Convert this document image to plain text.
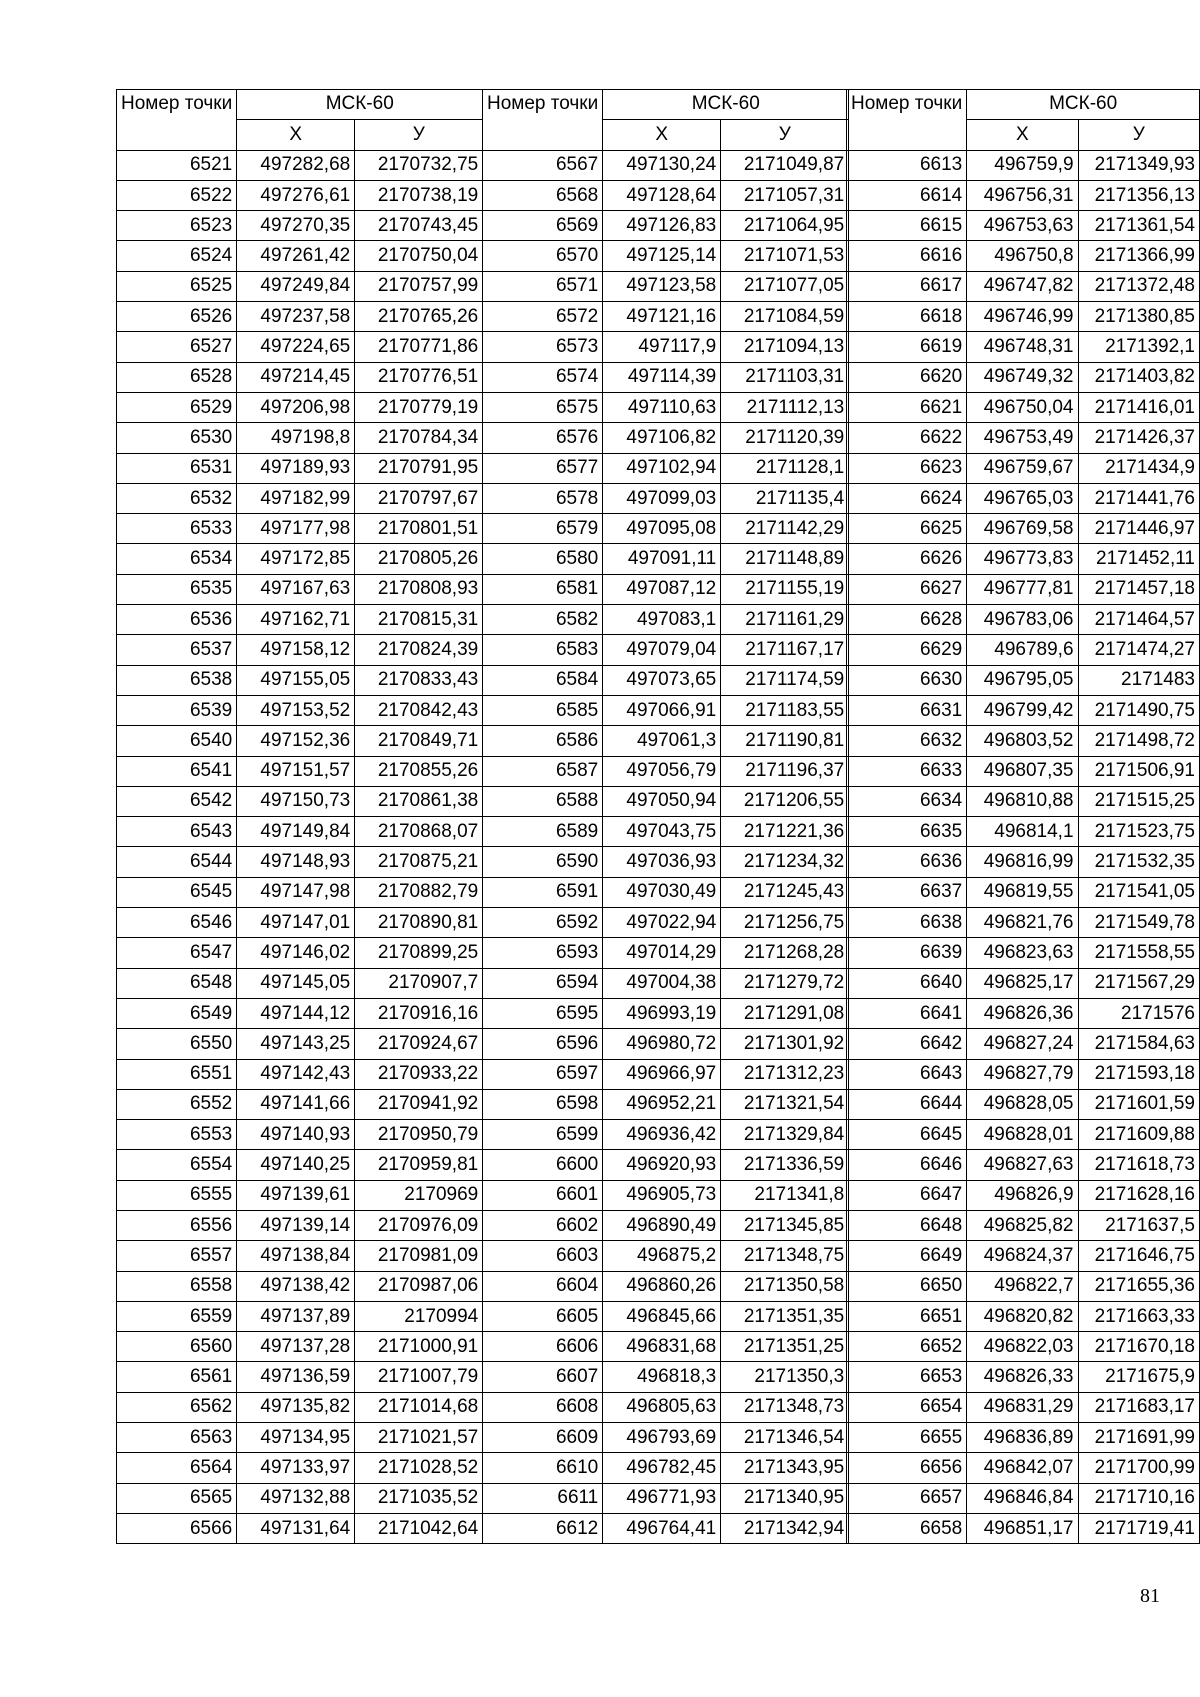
Номер точки	МСК-60	
	Х	У
6521	497282,68	2170732,75
6522	497276,61	2170738,19
6523	497270,35	2170743,45
6524	497261,42	2170750,04
6525	497249,84	2170757,99
6526	497237,58	2170765,26
6527	497224,65	2170771,86
6528	497214,45	2170776,51
6529	497206,98	2170779,19
6530	497198,8	2170784,34
6531	497189,93	2170791,95
6532	497182,99	2170797,67
6533	497177,98	2170801,51
6534	497172,85	2170805,26
6535	497167,63	2170808,93
6536	497162,71	2170815,31
6537	497158,12	2170824,39
6538	497155,05	2170833,43
6539	497153,52	2170842,43
6540	497152,36	2170849,71
6541	497151,57	2170855,26
6542	497150,73	2170861,38
6543	497149,84	2170868,07
6544	497148,93	2170875,21
6545	497147,98	2170882,79
6546	497147,01	2170890,81
6547	497146,02	2170899,25
6548	497145,05	2170907,7
6549	497144,12	2170916,16
6550	497143,25	2170924,67
6551	497142,43	2170933,22
6552	497141,66	2170941,92
6553	497140,93	2170950,79
6554	497140,25	2170959,81
6555	497139,61	2170969
6556	497139,14	2170976,09
6557	497138,84	2170981,09
6558	497138,42	2170987,06
6559	497137,89	2170994
6560	497137,28	2171000,91
6561	497136,59	2171007,79
6562	497135,82	2171014,68
6563	497134,95	2171021,57
6564	497133,97	2171028,52
6565	497132,88	2171035,52
6566	497131,64	2171042,64
Номер точки	МСК-60	
	Х	У
6567	497130,24	2171049,87
6568	497128,64	2171057,31
6569	497126,83	2171064,95
6570	497125,14	2171071,53
6571	497123,58	2171077,05
6572	497121,16	2171084,59
6573	497117,9	2171094,13
6574	497114,39	2171103,31
6575	497110,63	2171112,13
6576	497106,82	2171120,39
6577	497102,94	2171128,1
6578	497099,03	2171135,4
6579	497095,08	2171142,29
6580	497091,11	2171148,89
6581	497087,12	2171155,19
6582	497083,1	2171161,29
6583	497079,04	2171167,17
6584	497073,65	2171174,59
6585	497066,91	2171183,55
6586	497061,3	2171190,81
6587	497056,79	2171196,37
6588	497050,94	2171206,55
6589	497043,75	2171221,36
6590	497036,93	2171234,32
6591	497030,49	2171245,43
6592	497022,94	2171256,75
6593	497014,29	2171268,28
6594	497004,38	2171279,72
6595	496993,19	2171291,08
6596	496980,72	2171301,92
6597	496966,97	2171312,23
6598	496952,21	2171321,54
6599	496936,42	2171329,84
6600	496920,93	2171336,59
6601	496905,73	2171341,8
6602	496890,49	2171345,85
6603	496875,2	2171348,75
6604	496860,26	2171350,58
6605	496845,66	2171351,35
6606	496831,68	2171351,25
6607	496818,3	2171350,3
6608	496805,63	2171348,73
6609	496793,69	2171346,54
6610	496782,45	2171343,95
6611	496771,93	2171340,95
6612	496764,41	2171342,94
Номер точки	МСК-60	
	Х	У
6613	496759,9	2171349,93
6614	496756,31	2171356,13
6615	496753,63	2171361,54
6616	496750,8	2171366,99
6617	496747,82	2171372,48
6618	496746,99	2171380,85
6619	496748,31	2171392,1
6620	496749,32	2171403,82
6621	496750,04	2171416,01
6622	496753,49	2171426,37
6623	496759,67	2171434,9
6624	496765,03	2171441,76
6625	496769,58	2171446,97
6626	496773,83	2171452,11
6627	496777,81	2171457,18
6628	496783,06	2171464,57
6629	496789,6	2171474,27
6630	496795,05	2171483
6631	496799,42	2171490,75
6632	496803,52	2171498,72
6633	496807,35	2171506,91
6634	496810,88	2171515,25
6635	496814,1	2171523,75
6636	496816,99	2171532,35
6637	496819,55	2171541,05
6638	496821,76	2171549,78
6639	496823,63	2171558,55
6640	496825,17	2171567,29
6641	496826,36	2171576
6642	496827,24	2171584,63
6643	496827,79	2171593,18
6644	496828,05	2171601,59
6645	496828,01	2171609,88
6646	496827,63	2171618,73
6647	496826,9	2171628,16
6648	496825,82	2171637,5
6649	496824,37	2171646,75
6650	496822,7	2171655,36
6651	496820,82	2171663,33
6652	496822,03	2171670,18
6653	496826,33	2171675,9
6654	496831,29	2171683,17
6655	496836,89	2171691,99
6656	496842,07	2171700,99
6657	496846,84	2171710,16
6658	496851,17	2171719,41
81
